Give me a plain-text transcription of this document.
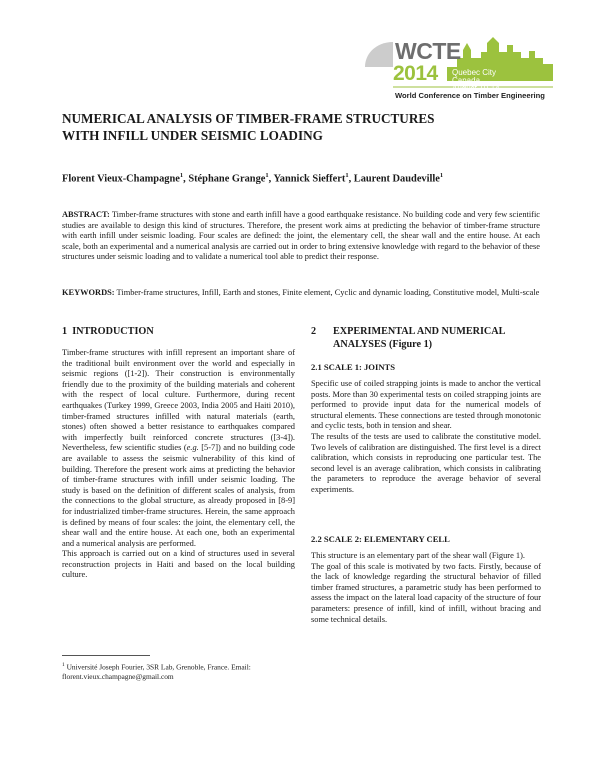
WCTE
2014 Quebec City
Canada
August 10-14
World Conference on Timber Engineering
NUMERICAL ANALYSIS OF TIMBER-FRAME STRUCTURES
WITH INFILL UNDER SEISMIC LOADING
Florent Vieux-Champagne$^1$, Stéphane Grange$^1$, Yannick Sieffert$^1$, Laurent Daudeville$^1$
ABSTRACT: Timber-frame structures with stone and earth infill have a good earthquake resistance. No building code and very few scientific studies are available to design this kind of structures. Therefore, the present work aims at predicting the behavior of timber-frame structure with earth infill under seismic loading. Four scales are defined: the joint, the elementary cell, the shear wall and the entire house. At each scale, both an experimental and a numerical analysis are carried out in order to bring extensive knowledge with regard to the behavior of these structures under seismic loading and to validate a numerical tool able to predict their response.
KEYWORDS: Timber-frame structures, Infill, Earth and stones, Finite element, Cyclic and dynamic loading, Constitutive model, Multi-scale
1 INTRODUCTION

Timber-frame structures with infill represent an important share of the traditional built environment over the world and especially in seismic regions ([1-2]). Their construction is environmentally friendly due to the proximity of the building materials and coherent with the respect of local culture. Furthermore, during recent earthquakes (Turkey 1999, Greece 2003, India 2005 and Haiti 2010), timber-framed structures infilled with natural materials (earth, stones) often showed a better resistance to earthquakes compared with imperfectly built reinforced concrete structures ([3-4]). Nevertheless, few scientific studies (e.g. [5-7]) and no building code are available to assess the seismic vulnerability of this kind of building. Therefore the present work aims at predicting the behavior of timber-frame structures with infill under seismic loading. The study is based on the definition of different scales of analysis, from the connections to the global structure, as already proposed in [8-9] for industrialized timber-frame structures. Herein, the same approach is defined by means of four scales: the joint, the elementary cell, the shear wall and the entire house. At each one, both an experimental and a numerical analysis are performed.

This approach is carried out on a kind of structures used in several reconstruction projects in Haiti and based on the local building culture.

2 EXPERIMENTAL AND NUMERICAL
ANALYSES (Figure 1)
2.1 SCALE 1: JOINTS

Specific use of coiled strapping joints is made to anchor the vertical posts. More than 30 experimental tests on coiled strapping joints are performed to provide input data for the numerical models of structural elements. These connections are tested through monotonic and cyclic tests, both in tension and shear.

The results of the tests are used to calibrate the constitutive model. Two levels of calibration are distinguished. The first level is a direct calibration, which consists in reproducing one particular test. The second level is an average calibration, which consists in calibrating the parameters to reproduce the average behavior of several experiments.

2.2 SCALE 2: ELEMENTARY CELL

This structure is an elementary part of the shear wall (Figure 1).

The goal of this scale is motivated by two facts. Firstly, because of the lack of knowledge regarding the structural behavior of filled timber framed structures, a parametric study has been performed to assess the impact on the lateral load capacity of the structure of four parameters: presence of infill, kind of infill, without bracing and some technical details.

$^1$ Université Joseph Fourier, 3SR Lab, Grenoble, France. Email: florent.vieux.champagne@gmail.com
